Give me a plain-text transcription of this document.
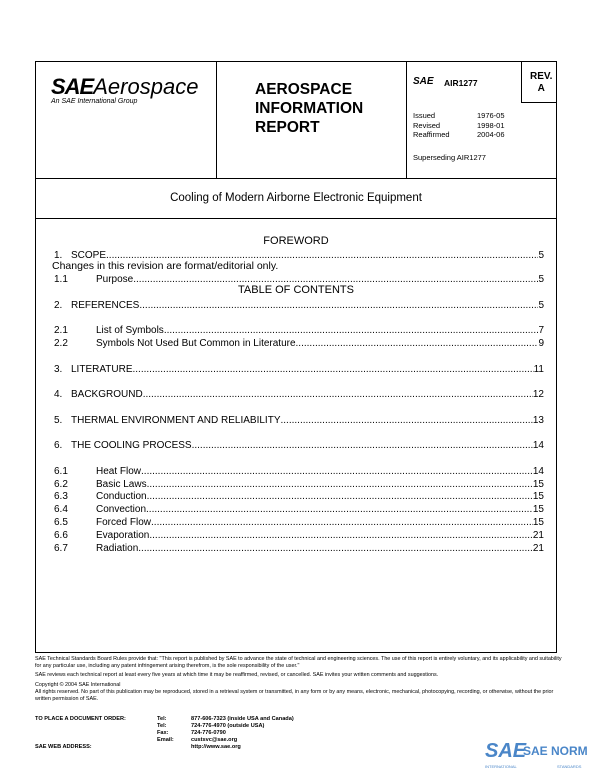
SAEAerospace
An SAE International Group
AEROSPACE
INFORMATION
REPORT
SAE AIR1277
REV.
A
Issued	1976-05
Revised	1998-01
Reaffirmed	2004-06
Superseding AIR1277
Cooling of Modern Airborne Electronic Equipment
FOREWORD
Changes in this revision are format/editorial only.
TABLE OF CONTENTS
1. SCOPE .....	5
1.1	Purpose .....	5
2. REFERENCES .....	5
2.1	List of Symbols .....	7
2.2	Symbols Not Used But Common in Literature .....	9
3. LITERATURE .....	11
4. BACKGROUND .....	12
5. THERMAL ENVIRONMENT AND RELIABILITY .....	13
6. THE COOLING PROCESS .....	14
6.1	Heat Flow .....	14
6.2	Basic Laws .....	15
6.3	Conduction .....	15
6.4	Convection .....	15
6.5	Forced Flow .....	15
6.6	Evaporation .....	21
6.7	Radiation .....	21
SAE Technical Standards Board Rules provide that: "This report is published by SAE to advance the state of technical and engineering sciences. The use of this report is entirely voluntary, and its applicability and suitability for any particular use, including any patent infringement arising therefrom, is the sole responsibility of the user."
SAE reviews each technical report at least every five years at which time it may be reaffirmed, revised, or cancelled. SAE invites your written comments and suggestions.
Copyright © 2004 SAE International
All rights reserved. No part of this publication may be reproduced, stored in a retrieval system or transmitted, in any form or by any means, electronic, mechanical, photocopying, recording, or otherwise, without the prior written permission of SAE.
TO PLACE A DOCUMENT ORDER:
SAE WEB ADDRESS:
Tel:	877-606-7323 (inside USA and Canada)
Tel:	724-776-4970 (outside USA)
Fax:	724-776-0790
Email:	custsvc@sae.org
http://www.sae.org	SAE
SAE NORM
INTERNATIONAL	STANDARDS
